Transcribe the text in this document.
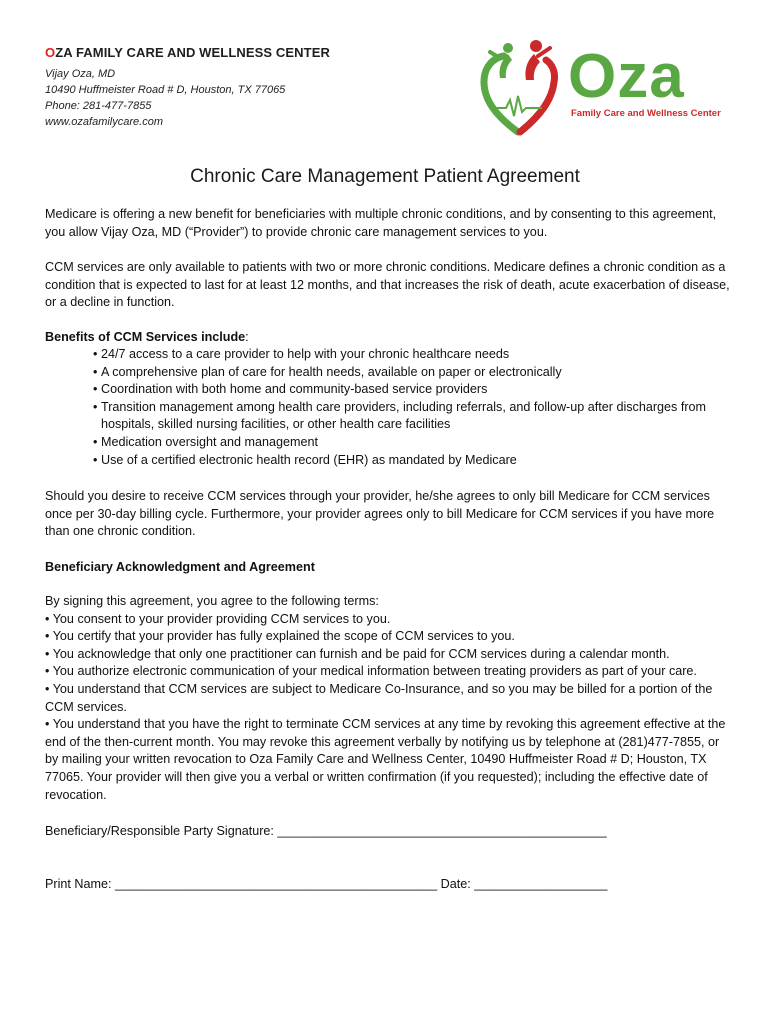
OZA FAMILY CARE AND WELLNESS CENTER
Vijay Oza, MD
10490 Huffmeister Road # D, Houston, TX 77065
Phone: 281-477-7855
www.ozafamilycare.com
Oza
Family Care and Wellness Center
Chronic Care Management Patient Agreement
Medicare is offering a new benefit for beneficiaries with multiple chronic conditions, and by consenting to this agreement, you allow Vijay Oza, MD (“Provider”) to provide chronic care management services to you.
CCM services are only available to patients with two or more chronic conditions. Medicare defines a chronic condition as a condition that is expected to last for at least 12 months, and that increases the risk of death, acute exacerbation of disease, or a decline in function.
Benefits of CCM Services include:
• 24/7 access to a care provider to help with your chronic healthcare needs
• A comprehensive plan of care for health needs, available on paper or electronically
• Coordination with both home and community-based service providers
• Transition management among health care providers, including referrals, and follow-up after discharges from hospitals, skilled nursing facilities, or other health care facilities
• Medication oversight and management
• Use of a certified electronic health record (EHR) as mandated by Medicare
Should you desire to receive CCM services through your provider, he/she agrees to only bill Medicare for CCM services once per 30-day billing cycle. Furthermore, your provider agrees only to bill Medicare for CCM services if you have more than one chronic condition.
Beneficiary Acknowledgment and Agreement
By signing this agreement, you agree to the following terms:
• You consent to your provider providing CCM services to you.
• You certify that your provider has fully explained the scope of CCM services to you.
• You acknowledge that only one practitioner can furnish and be paid for CCM services during a calendar month.
• You authorize electronic communication of your medical information between treating providers as part of your care.
• You understand that CCM services are subject to Medicare Co-Insurance, and so you may be billed for a portion of the CCM services.
• You understand that you have the right to terminate CCM services at any time by revoking this agreement effective at the end of the then-current month. You may revoke this agreement verbally by notifying us by telephone at (281)477-7855, or by mailing your written revocation to Oza Family Care and Wellness Center, 10490 Huffmeister Road # D; Houston, TX 77065. Your provider will then give you a verbal or written confirmation (if you requested); including the effective date of revocation.
Beneficiary/Responsible Party Signature: _______________________________________________
Print Name: ______________________________________________ Date: ___________________
